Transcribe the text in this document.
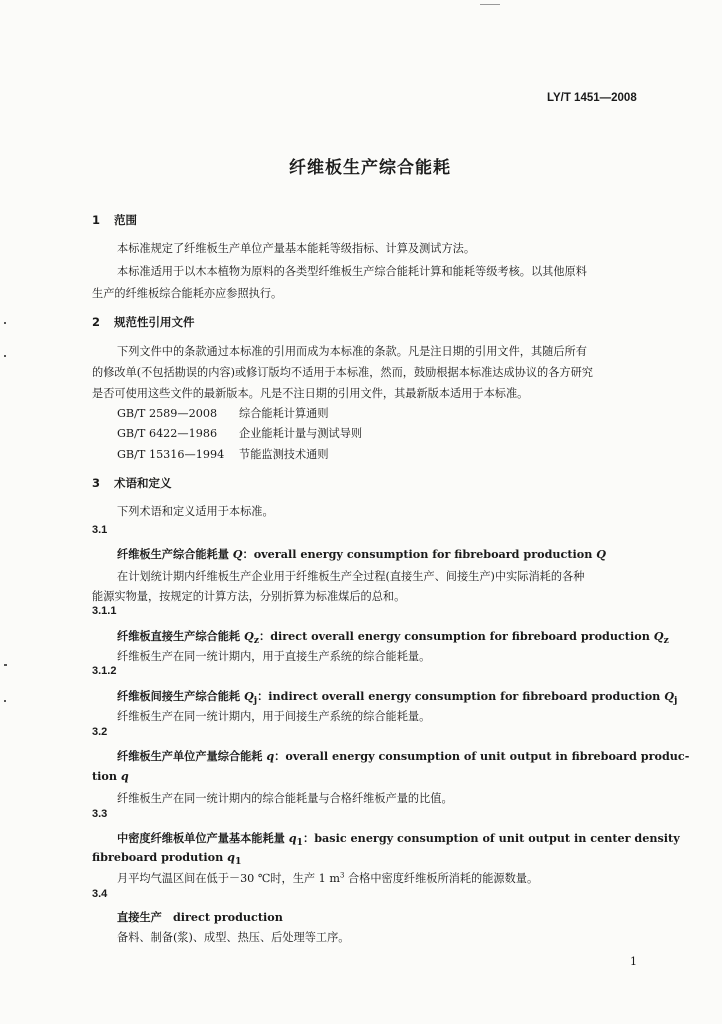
LY/T 1451—2008
纤维板生产综合能耗
1 范围
本标准规定了纤维板生产单位产量基本能耗等级指标、计算及测试方法。
本标准适用于以木本植物为原料的各类型纤维板生产综合能耗计算和能耗等级考核。以其他原料
生产的纤维板综合能耗亦应参照执行。
2 规范性引用文件
下列文件中的条款通过本标准的引用而成为本标准的条款。凡是注日期的引用文件，其随后所有
的修改单(不包括勘误的内容)或修订版均不适用于本标准，然而，鼓励根据本标准达成协议的各方研究
是否可使用这些文件的最新版本。凡是不注日期的引用文件，其最新版本适用于本标准。
GB/T 2589—2008 综合能耗计算通则
GB/T 6422—1986 企业能耗计量与测试导则
GB/T 15316—1994 节能监测技术通则
3 术语和定义
下列术语和定义适用于本标准。
3.1
纤维板生产综合能耗量 Q：overall energy consumption for fibreboard production Q
在计划统计期内纤维板生产企业用于纤维板生产全过程(直接生产、间接生产)中实际消耗的各种
能源实物量，按规定的计算方法，分别折算为标准煤后的总和。
3.1.1
纤维板直接生产综合能耗 $Q_z$：direct overall energy consumption for fibreboard production $Q_z$
纤维板生产在同一统计期内，用于直接生产系统的综合能耗量。
3.1.2
纤维板间接生产综合能耗 $Q_j$：indirect overall energy consumption for fibreboard production $Q_j$
纤维板生产在同一统计期内，用于间接生产系统的综合能耗量。
3.2
纤维板生产单位产量综合能耗 q：overall energy consumption of unit output in fibreboard produc-
tion q
纤维板生产在同一统计期内的综合能耗量与合格纤维板产量的比值。
3.3
中密度纤维板单位产量基本能耗量 $q_1$：basic energy consumption of unit output in center density
fibreboard prodution $q_1$
月平均气温区间在低于－30 ℃时，生产 1 $m^3$ 合格中密度纤维板所消耗的能源数量。
3.4
直接生产　direct production
备料、制备(浆)、成型、热压、后处理等工序。
1
